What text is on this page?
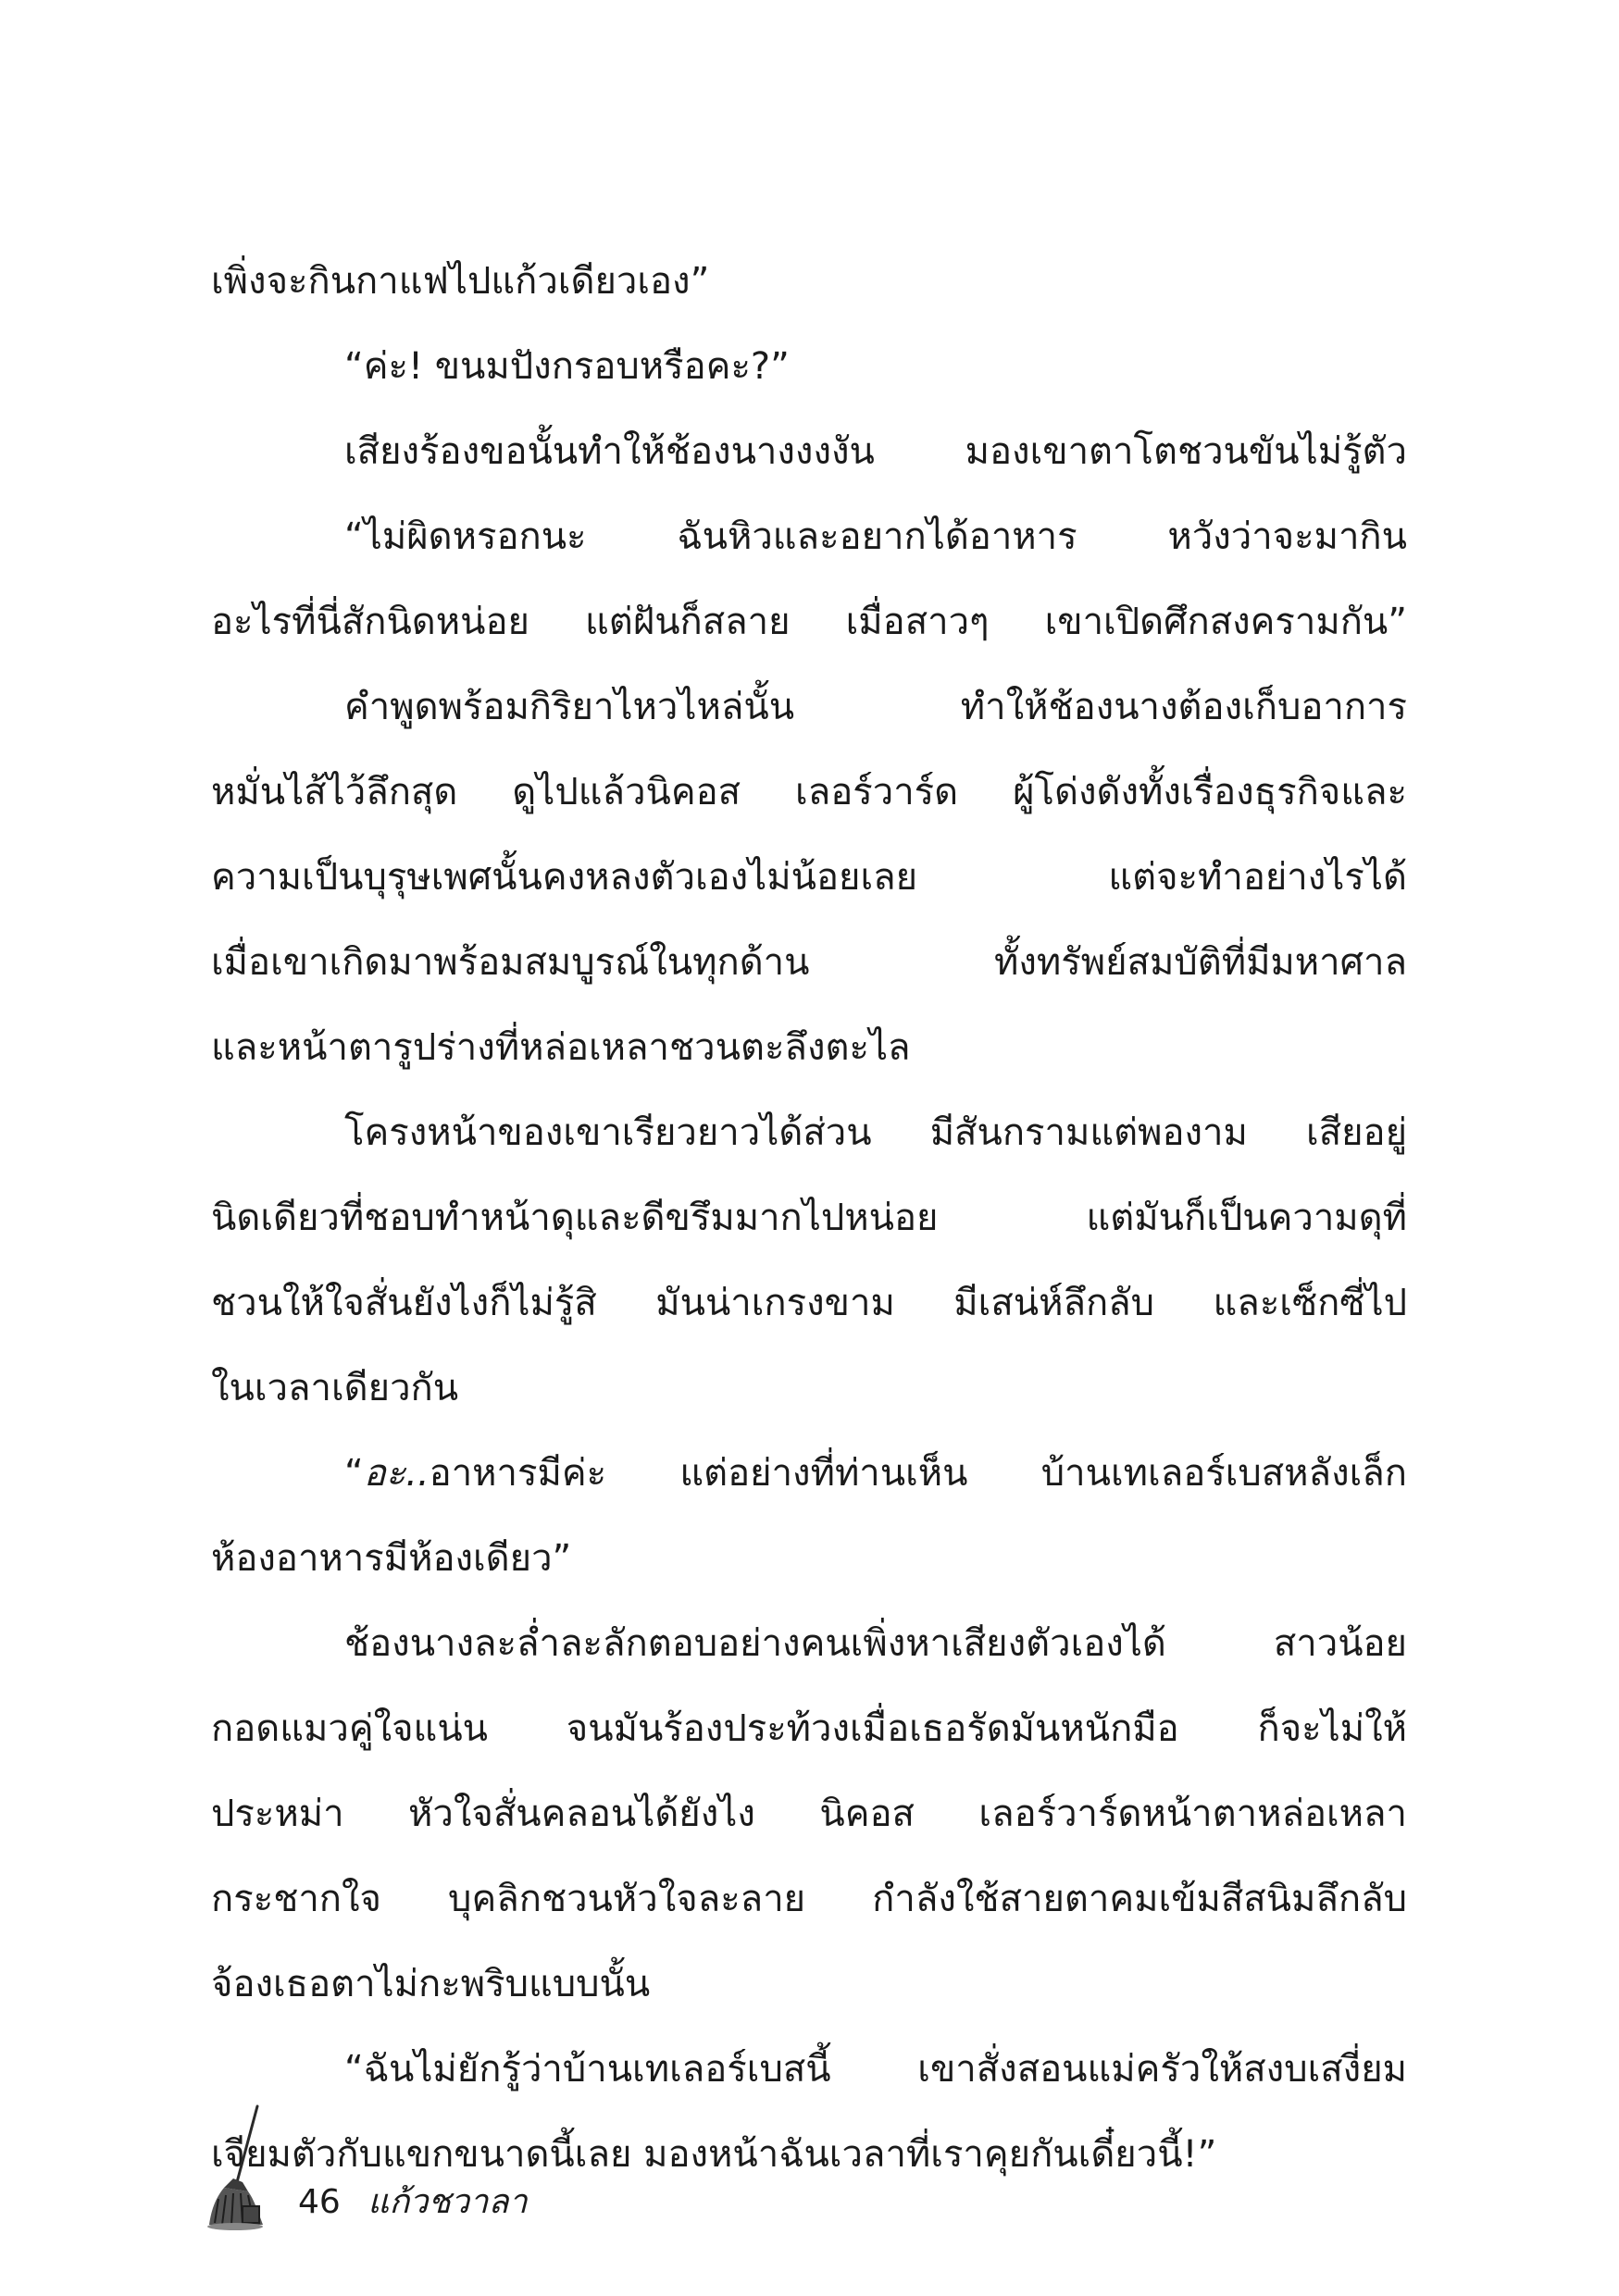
เพิ่งจะกินกาแฟไปแก้วเดียวเอง”
“ค่ะ! ขนมปังกรอบหรือคะ?”
เสียงร้องขอนั้นทำให้ช้องนางงงงัน มองเขาตาโตชวนขันไม่รู้ตัว
“ไม่ผิดหรอกนะ ฉันหิวและอยากได้อาหาร หวังว่าจะมากิน
อะไรที่นี่สักนิดหน่อย แต่ฝันก็สลาย เมื่อสาวๆ เขาเปิดศึกสงครามกัน”
คำพูดพร้อมกิริยาไหวไหล่นั้น ทำให้ช้องนางต้องเก็บอาการ
หมั่นไส้ไว้ลึกสุด ดูไปแล้วนิคอส เลอร์วาร์ด ผู้โด่งดังทั้งเรื่องธุรกิจและ
ความเป็นบุรุษเพศนั้นคงหลงตัวเองไม่น้อยเลย แต่จะทำอย่างไรได้
เมื่อเขาเกิดมาพร้อมสมบูรณ์ในทุกด้าน ทั้งทรัพย์สมบัติที่มีมหาศาล
และหน้าตารูปร่างที่หล่อเหลาชวนตะลึงตะไล
โครงหน้าของเขาเรียวยาวได้ส่วน มีสันกรามแต่พองาม เสียอยู่
นิดเดียวที่ชอบทำหน้าดุและดีขรึมมากไปหน่อย แต่มันก็เป็นความดุที่
ชวนให้ใจสั่นยังไงก็ไม่รู้สิ มันน่าเกรงขาม มีเสน่ห์ลึกลับ และเซ็กซี่ไป
ในเวลาเดียวกัน
“อะ..อาหารมีค่ะ แต่อย่างที่ท่านเห็น บ้านเทเลอร์เบสหลังเล็ก
ห้องอาหารมีห้องเดียว”
ช้องนางละล่ำละลักตอบอย่างคนเพิ่งหาเสียงตัวเองได้ สาวน้อย
กอดแมวคู่ใจแน่น จนมันร้องประท้วงเมื่อเธอรัดมันหนักมือ ก็จะไม่ให้
ประหม่า หัวใจสั่นคลอนได้ยังไง นิคอส เลอร์วาร์ดหน้าตาหล่อเหลา
กระชากใจ บุคลิกชวนหัวใจละลาย กำลังใช้สายตาคมเข้มสีสนิมลึกลับ
จ้องเธอตาไม่กะพริบแบบนั้น
“ฉันไม่ยักรู้ว่าบ้านเทเลอร์เบสนี้ เขาสั่งสอนแม่ครัวให้สงบเสงี่ยม
เจียมตัวกับแขกขนาดนี้เลย มองหน้าฉันเวลาที่เราคุยกันเดี๋ยวนี้!”
46 แก้วชวาลา
